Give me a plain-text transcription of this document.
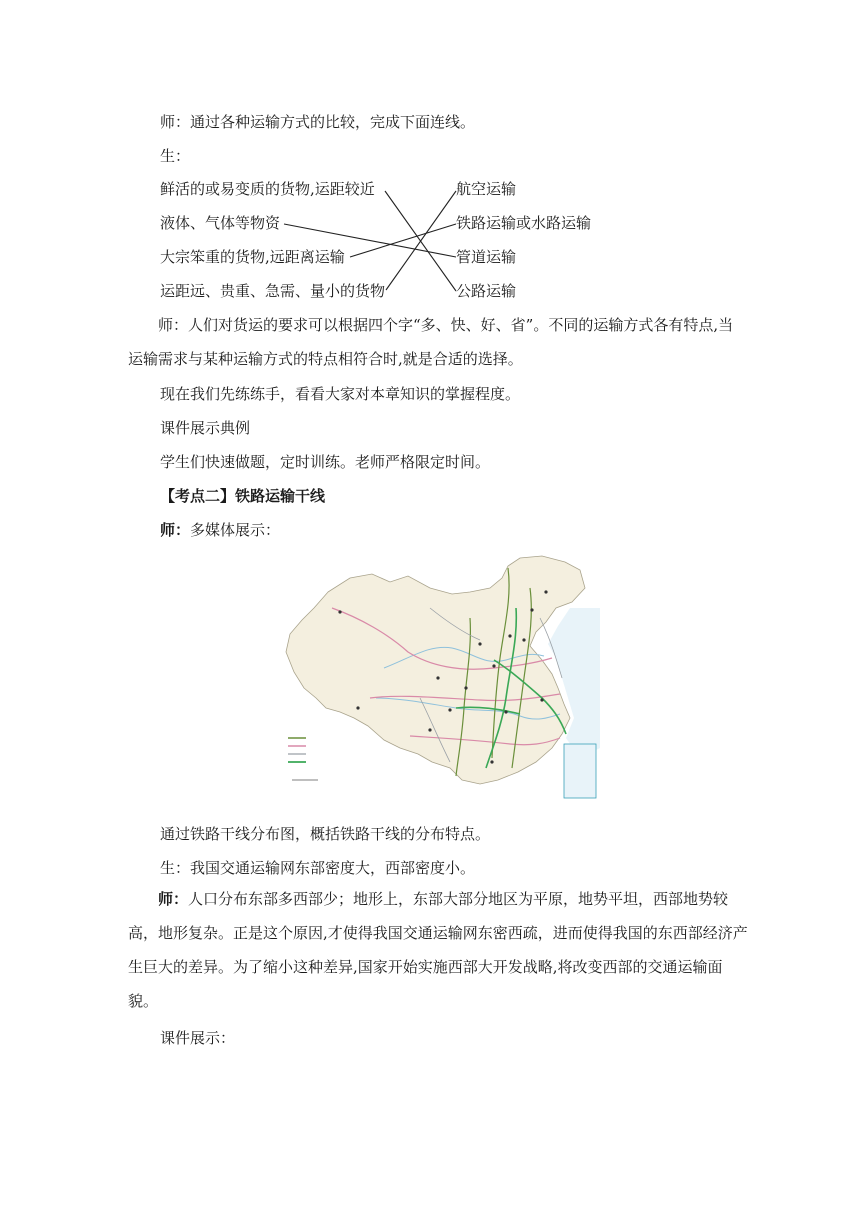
师：通过各种运输方式的比较，完成下面连线。
生：
鲜活的或易变质的货物,运距较近
液体、气体等物资
大宗笨重的货物,远距离运输
运距远、贵重、急需、量小的货物
航空运输
铁路运输或水路运输
管道运输
公路运输
师：人们对货运的要求可以根据四个字“多、快、好、省”。不同的运输方式各有特点,当运输需求与某种运输方式的特点相符合时,就是合适的选择。
现在我们先练练手，看看大家对本章知识的掌握程度。
课件展示典例
学生们快速做题，定时训练。老师严格限定时间。
【考点二】铁路运输干线
师：多媒体展示：
通过铁路干线分布图，概括铁路干线的分布特点。
生：我国交通运输网东部密度大，西部密度小。
师：人口分布东部多西部少；地形上，东部大部分地区为平原，地势平坦，西部地势较高，地形复杂。正是这个原因,才使得我国交通运输网东密西疏，进而使得我国的东西部经济产生巨大的差异。为了缩小这种差异,国家开始实施西部大开发战略,将改变西部的交通运输面貌。
课件展示：
